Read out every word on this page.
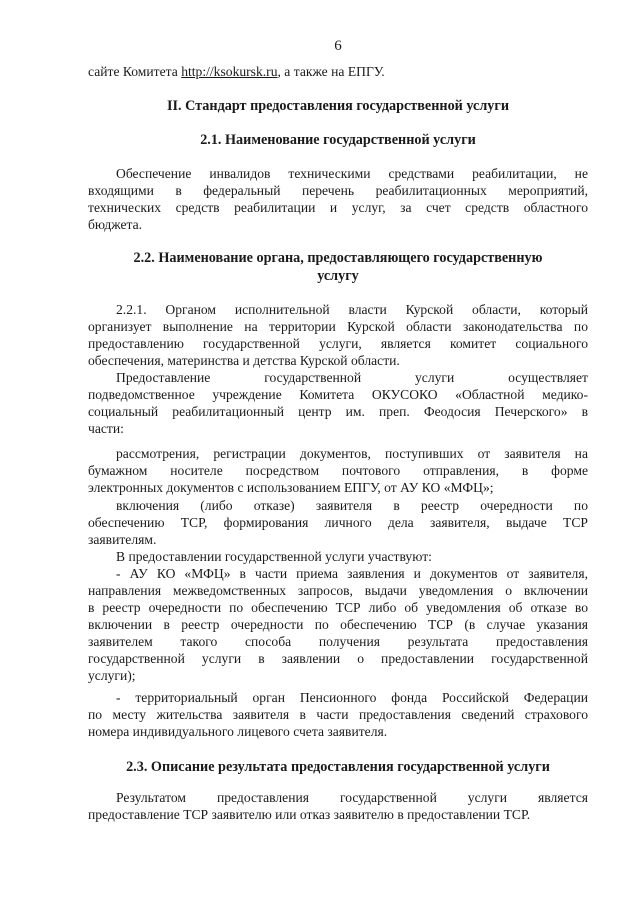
6
сайте Комитета http://ksokursk.ru, а также на ЕПГУ.
II. Стандарт предоставления государственной услуги
2.1. Наименование государственной услуги
Обеспечение инвалидов техническими средствами реабилитации, не
входящими в федеральный перечень реабилитационных мероприятий,
технических средств реабилитации и услуг, за счет средств областного
бюджета.
2.2. Наименование органа, предоставляющего государственную
услугу
2.2.1. Органом исполнительной власти Курской области, который
организует выполнение на территории Курской области законодательства по
предоставлению государственной услуги, является комитет социального
обеспечения, материнства и детства Курской области.
Предоставление государственной услуги осуществляет
подведомственное учреждение Комитета ОКУСОКО «Областной медико-
социальный реабилитационный центр им. преп. Феодосия Печерского» в
части:
рассмотрения, регистрации документов, поступивших от заявителя на
бумажном носителе посредством почтового отправления, в форме
электронных документов с использованием ЕПГУ, от АУ КО «МФЦ»;
включения (либо отказе) заявителя в реестр очередности по
обеспечению ТСР, формирования личного дела заявителя, выдаче ТСР
заявителям.
В предоставлении государственной услуги участвуют:
- АУ КО «МФЦ» в части приема заявления и документов от заявителя,
направления межведомственных запросов, выдачи уведомления о включении
в реестр очередности по обеспечению ТСР либо об уведомления об отказе во
включении в реестр очередности по обеспечению ТСР (в случае указания
заявителем такого способа получения результата предоставления
государственной услуги в заявлении о предоставлении государственной
услуги);
- территориальный орган Пенсионного фонда Российской Федерации
по месту жительства заявителя в части предоставления сведений страхового
номера индивидуального лицевого счета заявителя.
2.3. Описание результата предоставления государственной услуги
Результатом предоставления государственной услуги является
предоставление ТСР заявителю или отказ заявителю в предоставлении ТСР.
